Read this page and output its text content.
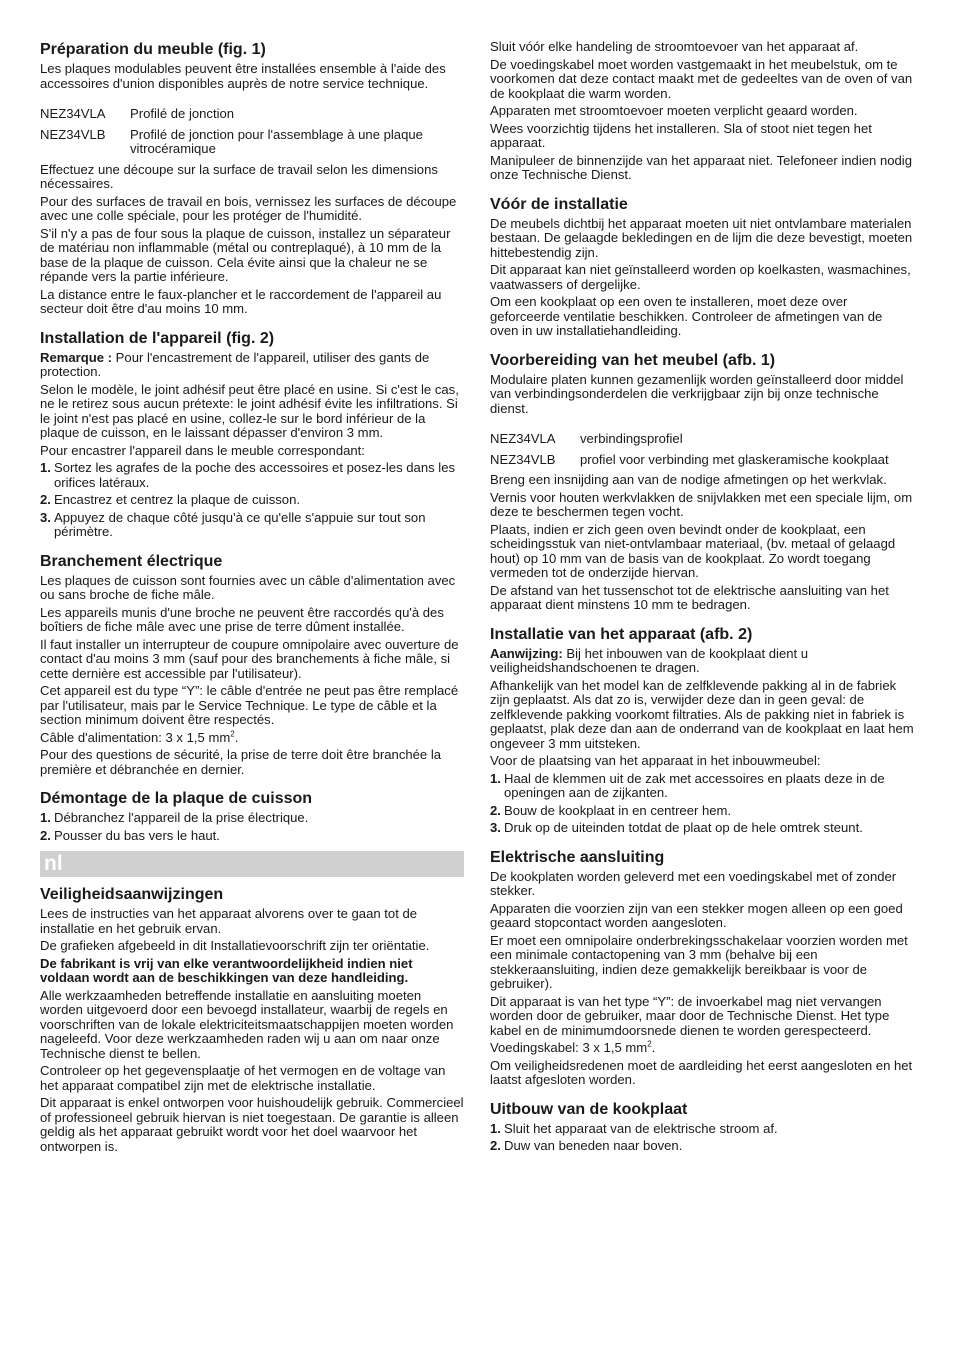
Préparation du meuble (fig. 1)

Les plaques modulables peuvent être installées ensemble à l'aide des accessoires d'union disponibles auprès de notre service technique.

NEZ34VLA	Profilé de jonction
NEZ34VLB	Profilé de jonction pour l'assemblage à une plaque vitrocéramique

Effectuez une découpe sur la surface de travail selon les dimensions nécessaires.

Pour des surfaces de travail en bois, vernissez les surfaces de découpe avec une colle spéciale, pour les protéger de l'humidité.

S'il n'y a pas de four sous la plaque de cuisson, installez un séparateur de matériau non inflammable (métal ou contreplaqué), à 10 mm de la base de la plaque de cuisson. Cela évite ainsi que la chaleur ne se répande vers la partie inférieure.

La distance entre le faux-plancher et le raccordement de l'appareil au secteur doit être d'au moins 10 mm.

Installation de l'appareil (fig. 2)

Remarque : Pour l'encastrement de l'appareil, utiliser des gants de protection.

Selon le modèle, le joint adhésif peut être placé en usine. Si c'est le cas, ne le retirez sous aucun prétexte: le joint adhésif évite les infiltrations. Si le joint n'est pas placé en usine, collez-le sur le bord inférieur de la plaque de cuisson, en le laissant dépasser d'environ 3 mm.

Pour encastrer l'appareil dans le meuble correspondant:

1. Sortez les agrafes de la poche des accessoires et posez-les dans les orifices latéraux.
2. Encastrez et centrez la plaque de cuisson.
3. Appuyez de chaque côté jusqu'à ce qu'elle s'appuie sur tout son périmètre.
Branchement électrique

Les plaques de cuisson sont fournies avec un câble d'alimentation avec ou sans broche de fiche mâle.

Les appareils munis d'une broche ne peuvent être raccordés qu'à des boîtiers de fiche mâle avec une prise de terre dûment installée.

Il faut installer un interrupteur de coupure omnipolaire avec ouverture de contact d'au moins 3 mm (sauf pour des branchements à fiche mâle, si cette dernière est accessible par l'utilisateur).

Cet appareil est du type “Y”: le câble d'entrée ne peut pas être remplacé par l'utilisateur, mais par le Service Technique. Le type de câble et la section minimum doivent être respectés.

Câble d'alimentation: 3 x 1,5 $mm^2$.

Pour des questions de sécurité, la prise de terre doit être branchée la première et débranchée en dernier.

Démontage de la plaque de cuisson
1. Débranchez l'appareil de la prise électrique.
2. Pousser du bas vers le haut.
nl
Veiligheidsaanwijzingen

Lees de instructies van het apparaat alvorens over te gaan tot de installatie en het gebruik ervan.

De grafieken afgebeeld in dit Installatievoorschrift zijn ter oriëntatie.

De fabrikant is vrij van elke verantwoordelijkheid indien niet voldaan wordt aan de beschikkingen van deze handleiding.

Alle werkzaamheden betreffende installatie en aansluiting moeten worden uitgevoerd door een bevoegd installateur, waarbij de regels en voorschriften van de lokale elektriciteitsmaatschappijen moeten worden nageleefd. Voor deze werkzaamheden raden wij u aan om naar onze Technische dienst te bellen.

Controleer op het gegevensplaatje of het vermogen en de voltage van het apparaat compatibel zijn met de elektrische installatie.

Dit apparaat is enkel ontworpen voor huishoudelijk gebruik. Commercieel of professioneel gebruik hiervan is niet toegestaan. De garantie is alleen geldig als het apparaat gebruikt wordt voor het doel waarvoor het ontworpen is.

Sluit vóór elke handeling de stroomtoevoer van het apparaat af.

De voedingskabel moet worden vastgemaakt in het meubelstuk, om te voorkomen dat deze contact maakt met de gedeeltes van de oven of van de kookplaat die warm worden.

Apparaten met stroomtoevoer moeten verplicht geaard worden.

Wees voorzichtig tijdens het installeren. Sla of stoot niet tegen het apparaat.

Manipuleer de binnenzijde van het apparaat niet. Telefoneer indien nodig onze Technische Dienst.

Vóór de installatie

De meubels dichtbij het apparaat moeten uit niet ontvlambare materialen bestaan. De gelaagde bekledingen en de lijm die deze bevestigt, moeten hittebestendig zijn.

Dit apparaat kan niet geïnstalleerd worden op koelkasten, wasmachines, vaatwassers of dergelijke.

Om een kookplaat op een oven te installeren, moet deze over geforceerde ventilatie beschikken. Controleer de afmetingen van de oven in uw installatiehandleiding.

Voorbereiding van het meubel (afb. 1)

Modulaire platen kunnen gezamenlijk worden geïnstalleerd door middel van verbindingsonderdelen die verkrijgbaar zijn bij onze technische dienst.

NEZ34VLA	verbindingsprofiel
NEZ34VLB	profiel voor verbinding met glaskeramische kookplaat

Breng een insnijding aan van de nodige afmetingen op het werkvlak.

Vernis voor houten werkvlakken de snijvlakken met een speciale lijm, om deze te beschermen tegen vocht.

Plaats, indien er zich geen oven bevindt onder de kookplaat, een scheidingsstuk van niet-ontvlambaar materiaal, (bv. metaal of gelaagd hout) op 10 mm van de basis van de kookplaat. Zo wordt toegang vermeden tot de onderzijde hiervan.

De afstand van het tussenschot tot de elektrische aansluiting van het apparaat dient minstens 10 mm te bedragen.

Installatie van het apparaat (afb. 2)

Aanwijzing: Bij het inbouwen van de kookplaat dient u veiligheidshandschoenen te dragen.

Afhankelijk van het model kan de zelfklevende pakking al in de fabriek zijn geplaatst. Als dat zo is, verwijder deze dan in geen geval: de zelfklevende pakking voorkomt filtraties. Als de pakking niet in fabriek is geplaatst, plak deze dan aan de onderrand van de kookplaat en laat hem ongeveer 3 mm uitsteken.

Voor de plaatsing van het apparaat in het inbouwmeubel:

1. Haal de klemmen uit de zak met accessoires en plaats deze in de openingen aan de zijkanten.
2. Bouw de kookplaat in en centreer hem.
3. Druk op de uiteinden totdat de plaat op de hele omtrek steunt.
Elektrische aansluiting

De kookplaten worden geleverd met een voedingskabel met of zonder stekker.

Apparaten die voorzien zijn van een stekker mogen alleen op een goed geaard stopcontact worden aangesloten.

Er moet een omnipolaire onderbrekingsschakelaar voorzien worden met een minimale contactopening van 3 mm (behalve bij een stekkeraansluiting, indien deze gemakkelijk bereikbaar is voor de gebruiker).

Dit apparaat is van het type “Y”: de invoerkabel mag niet vervangen worden door de gebruiker, maar door de Technische Dienst. Het type kabel en de minimumdoorsnede dienen te worden gerespecteerd.

Voedingskabel: 3 x 1,5 $mm^2$.

Om veiligheidsredenen moet de aardleiding het eerst aangesloten en het laatst afgesloten worden.

Uitbouw van de kookplaat
1. Sluit het apparaat van de elektrische stroom af.
2. Duw van beneden naar boven.
